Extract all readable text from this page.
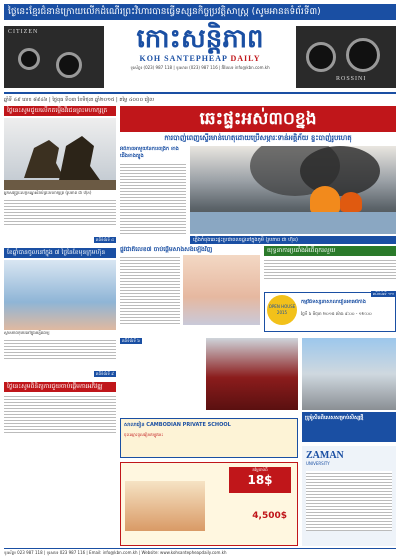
ថ្ងៃនេះខ្មែរជំនាន់ក្រោយលើកដំណើរព្រះវិហារបានធ្វើទស្សនកិច្ចប្រវត្តិសាស្ត្រ (សូមអានតទំព័រទី៣)
CITIZEN	កោះសន្តិភាព
KOH SANTEPHEAP DAILY
ទូរស័ព្ទ៖ (023) 987 118 | ទូរសារ៖ (023) 987 116 | អ៊ីមែល៖ info@kbn.com.kh
ROSSINI
ឆ្នាំទី ៤៩ លេខ ៨៩៤៦ | ថ្ងៃពុធ ទី០៣ ខែមិថុនា ឆ្នាំ២០១៥ | តម្លៃ ៤០០០ រៀល
ថ្ងៃនេះសូមជួយលើកតម្កើងវីរជនព្រះមហាក្សត្រ
អ្នកសង្គ្រោះលក្ខខណ្ឌសំរាប់ព្រះមហាក្សត្រ (រូបភាព ជា ហ៊ុន)
តពីទំព័រទី ៤
ខែឆ្នាំបានចូលនៅក្នុង ៧ ថ្ងៃនៃខែមុនក្រុមហ៊ុន
ស្ថានភាពកុមារនៅក្នុងមន្ទីរពេទ្យ
តពីទំព័រទី ៩
ថ្ងៃនេះសូមពិនិត្យការជួយចាប់ផ្តើមការអភិវឌ្ឍ
ឆេះផ្ទះអស់៣០ខ្នង
ការបាញ់ពេញស្ទើរមាន់ហេតុដោយប្រើសម្ភារៈទាន់អគ្គិភ័យ ខ្ទះបាញ់រូបហេតុ
អំពីភាពអាមួយនៃការពង្រីក ខាងជើងខាងត្បូង
ភ្លើងកំពុងឆេះផ្ទះប្រជាពលរដ្ឋនៅក្នុងភូមិ (រូបភាព ជា ហ៊ុន)
ផ្លូវជាតិលេខ៧ ចាប់ផ្តើមសាងសង់ឡើងវិញ
តពីទំព័រទី ៦
យុទ្ធនាការប្រឆាំងអំពើពុករលួយ
តពីទំព័រទី ១១
OPEN HOUSE 2015
កម្មវិធីទស្សនាសាលារៀនអាមេរិកាំង
ថ្ងៃទី ៦ មិថុនា ២០១៥ ម៉ោង ៨:០០ - ១២:០០
ប្រូម៉ូសិនពិសេសសម្រាប់សិស្សថ្មី
សាលារៀន CAMBODIAN PRIVATE SCHOOL
ចុះឈ្មោះចូលរៀនឥឡូវនេះ
តម្លៃចាប់ពី
18$
4,500$
ZAMAN
UNIVERSITY
ទូរស័ព្ទ៖ 023 987 118 | ទូរសារ៖ 023 987 116 | Email: info@kbn.com.kh | Website: www.kohsantepheapdaily.com.kh
